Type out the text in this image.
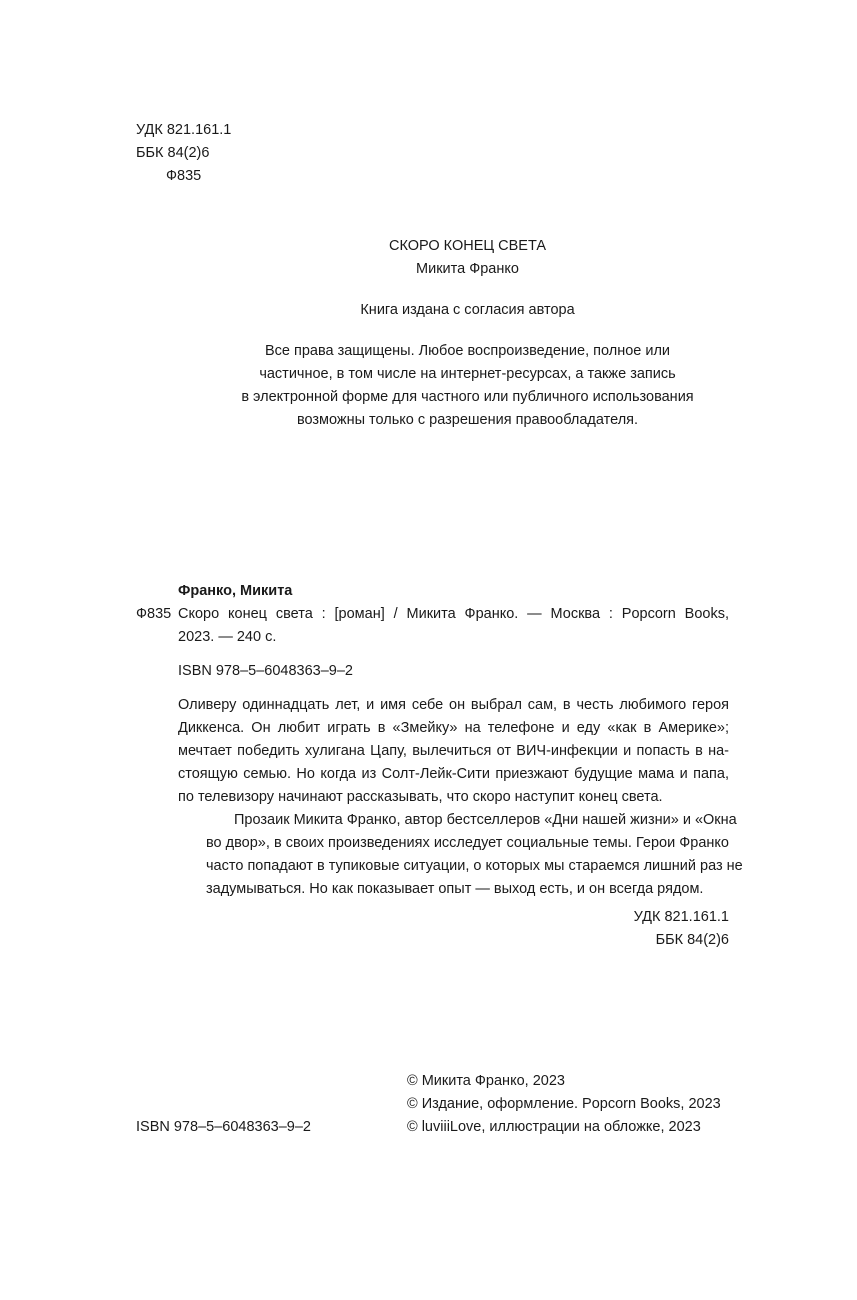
УДК 821.161.1
ББК 84(2)6
Ф835
СКОРО КОНЕЦ СВЕТА
Микита Франко
Книга издана с согласия автора
Все права защищены. Любое воспроизведение, полное или
частичное, в том числе на интернет-ресурсах, а также запись
в электронной форме для частного или публичного использования
возможны только с разрешения правообладателя.
Франко, Микита
Ф835 Скоро конец света : [роман] / Микита Франко. — Москва : Popcorn Books,
2023. — 240 с.
ISBN 978–5–6048363–9–2

Оливеру одиннадцать лет, и имя себе он выбрал сам, в честь любимого героя
Диккенса. Он любит играть в «Змейку» на телефоне и еду «как в Америке»;
мечтает победить хулигана Цапу, вылечиться от ВИЧ-инфекции и попасть в на-
стоящую семью. Но когда из Солт-Лейк-Сити приезжают будущие мама и папа,
по телевизору начинают рассказывать, что скоро наступит конец света.

Прозаик Микита Франко, автор бестселлеров «Дни нашей жизни» и «Окна
во двор», в своих произведениях исследует социальные темы. Герои Франко
часто попадают в тупиковые ситуации, о которых мы стараемся лишний раз не
задумываться. Но как показывает опыт — выход есть, и он всегда рядом.

УДК 821.161.1
ББК 84(2)6
ISBN 978–5–6048363–9–2
© Микита Франко, 2023
© Издание, оформление. Popcorn Books, 2023
© luviiiLove, иллюстрации на обложке, 2023
